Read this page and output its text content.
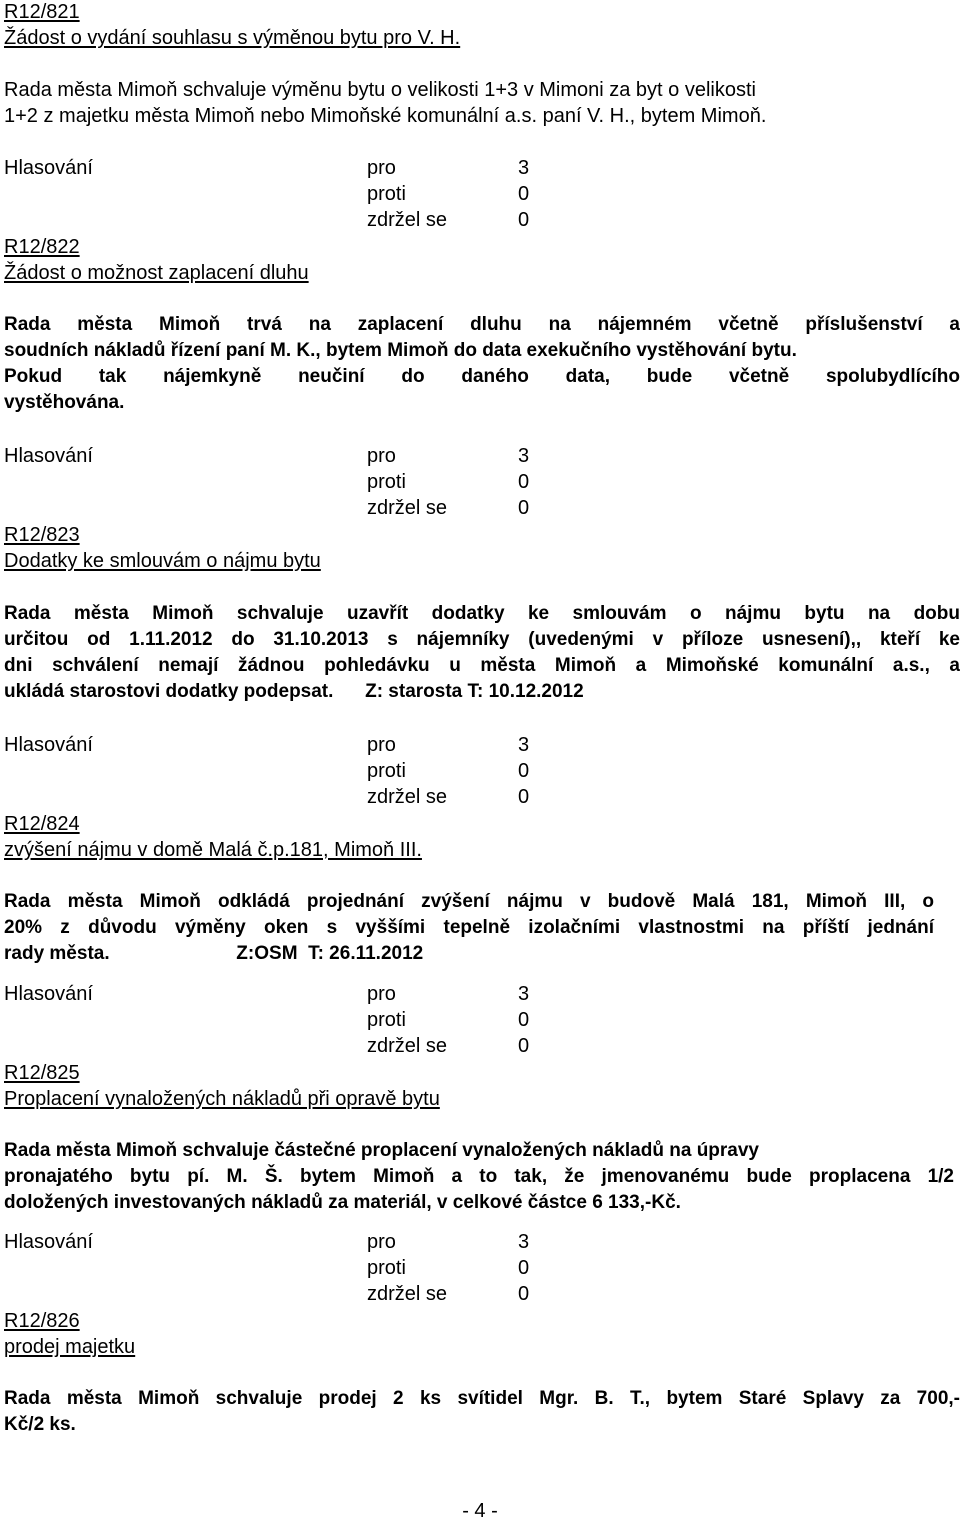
R12/821
Žádost o vydání souhlasu s výměnou bytu pro V. H.
Rada města Mimoň schvaluje výměnu bytu o velikosti 1+3 v Mimoni za byt o velikosti
1+2 z majetku města Mimoň nebo Mimoňské komunální a.s. paní V. H., bytem Mimoň.
Hlasování	pro	3
proti	0
zdržel se	0
R12/822
Žádost o možnost zaplacení dluhu
Rada města Mimoň trvá na zaplacení dluhu na nájemném včetně příslušenství a
soudních nákladů řízení paní M. K., bytem Mimoň do data exekučního vystěhování bytu.
Pokud tak nájemkyně neučiní do daného data, bude včetně spolubydlícího
vystěhována.
Hlasování	pro	3
proti	0
zdržel se	0
R12/823
Dodatky ke smlouvám o nájmu bytu
Rada města Mimoň schvaluje uzavřít dodatky ke smlouvám o nájmu bytu na dobu
určitou od 1.11.2012 do 31.10.2013 s nájemníky (uvedenými v příloze usnesení),, kteří ke
dni schválení nemají žádnou pohledávku u města Mimoň a Mimoňské komunální a.s., a
ukládá starostovi dodatky podepsat.      Z: starosta T: 10.12.2012
Hlasování	pro	3
proti	0
zdržel se	0
R12/824
zvýšení nájmu v domě Malá č.p.181, Mimoň III.
Rada města Mimoň odkládá projednání zvýšení nájmu v budově Malá 181, Mimoň III, o
20% z důvodu výměny oken s vyššími tepelně izolačními vlastnostmi na příští jednání
rady města.                        Z:OSM  T: 26.11.2012
Hlasování	pro	3
proti	0
zdržel se	0
R12/825
Proplacení vynaložených nákladů při opravě bytu
Rada města Mimoň schvaluje částečné proplacení vynaložených nákladů na úpravy
pronajatého bytu pí. M. Š. bytem Mimoň a to tak, že jmenovanému bude proplacena 1/2
doložených investovaných nákladů za materiál, v celkové částce 6 133,-Kč.
Hlasování	pro	3
proti	0
zdržel se	0
R12/826
prodej majetku
Rada města Mimoň schvaluje prodej 2 ks svítidel Mgr. B. T., bytem Staré Splavy za 700,-
Kč/2 ks.
- 4 -
